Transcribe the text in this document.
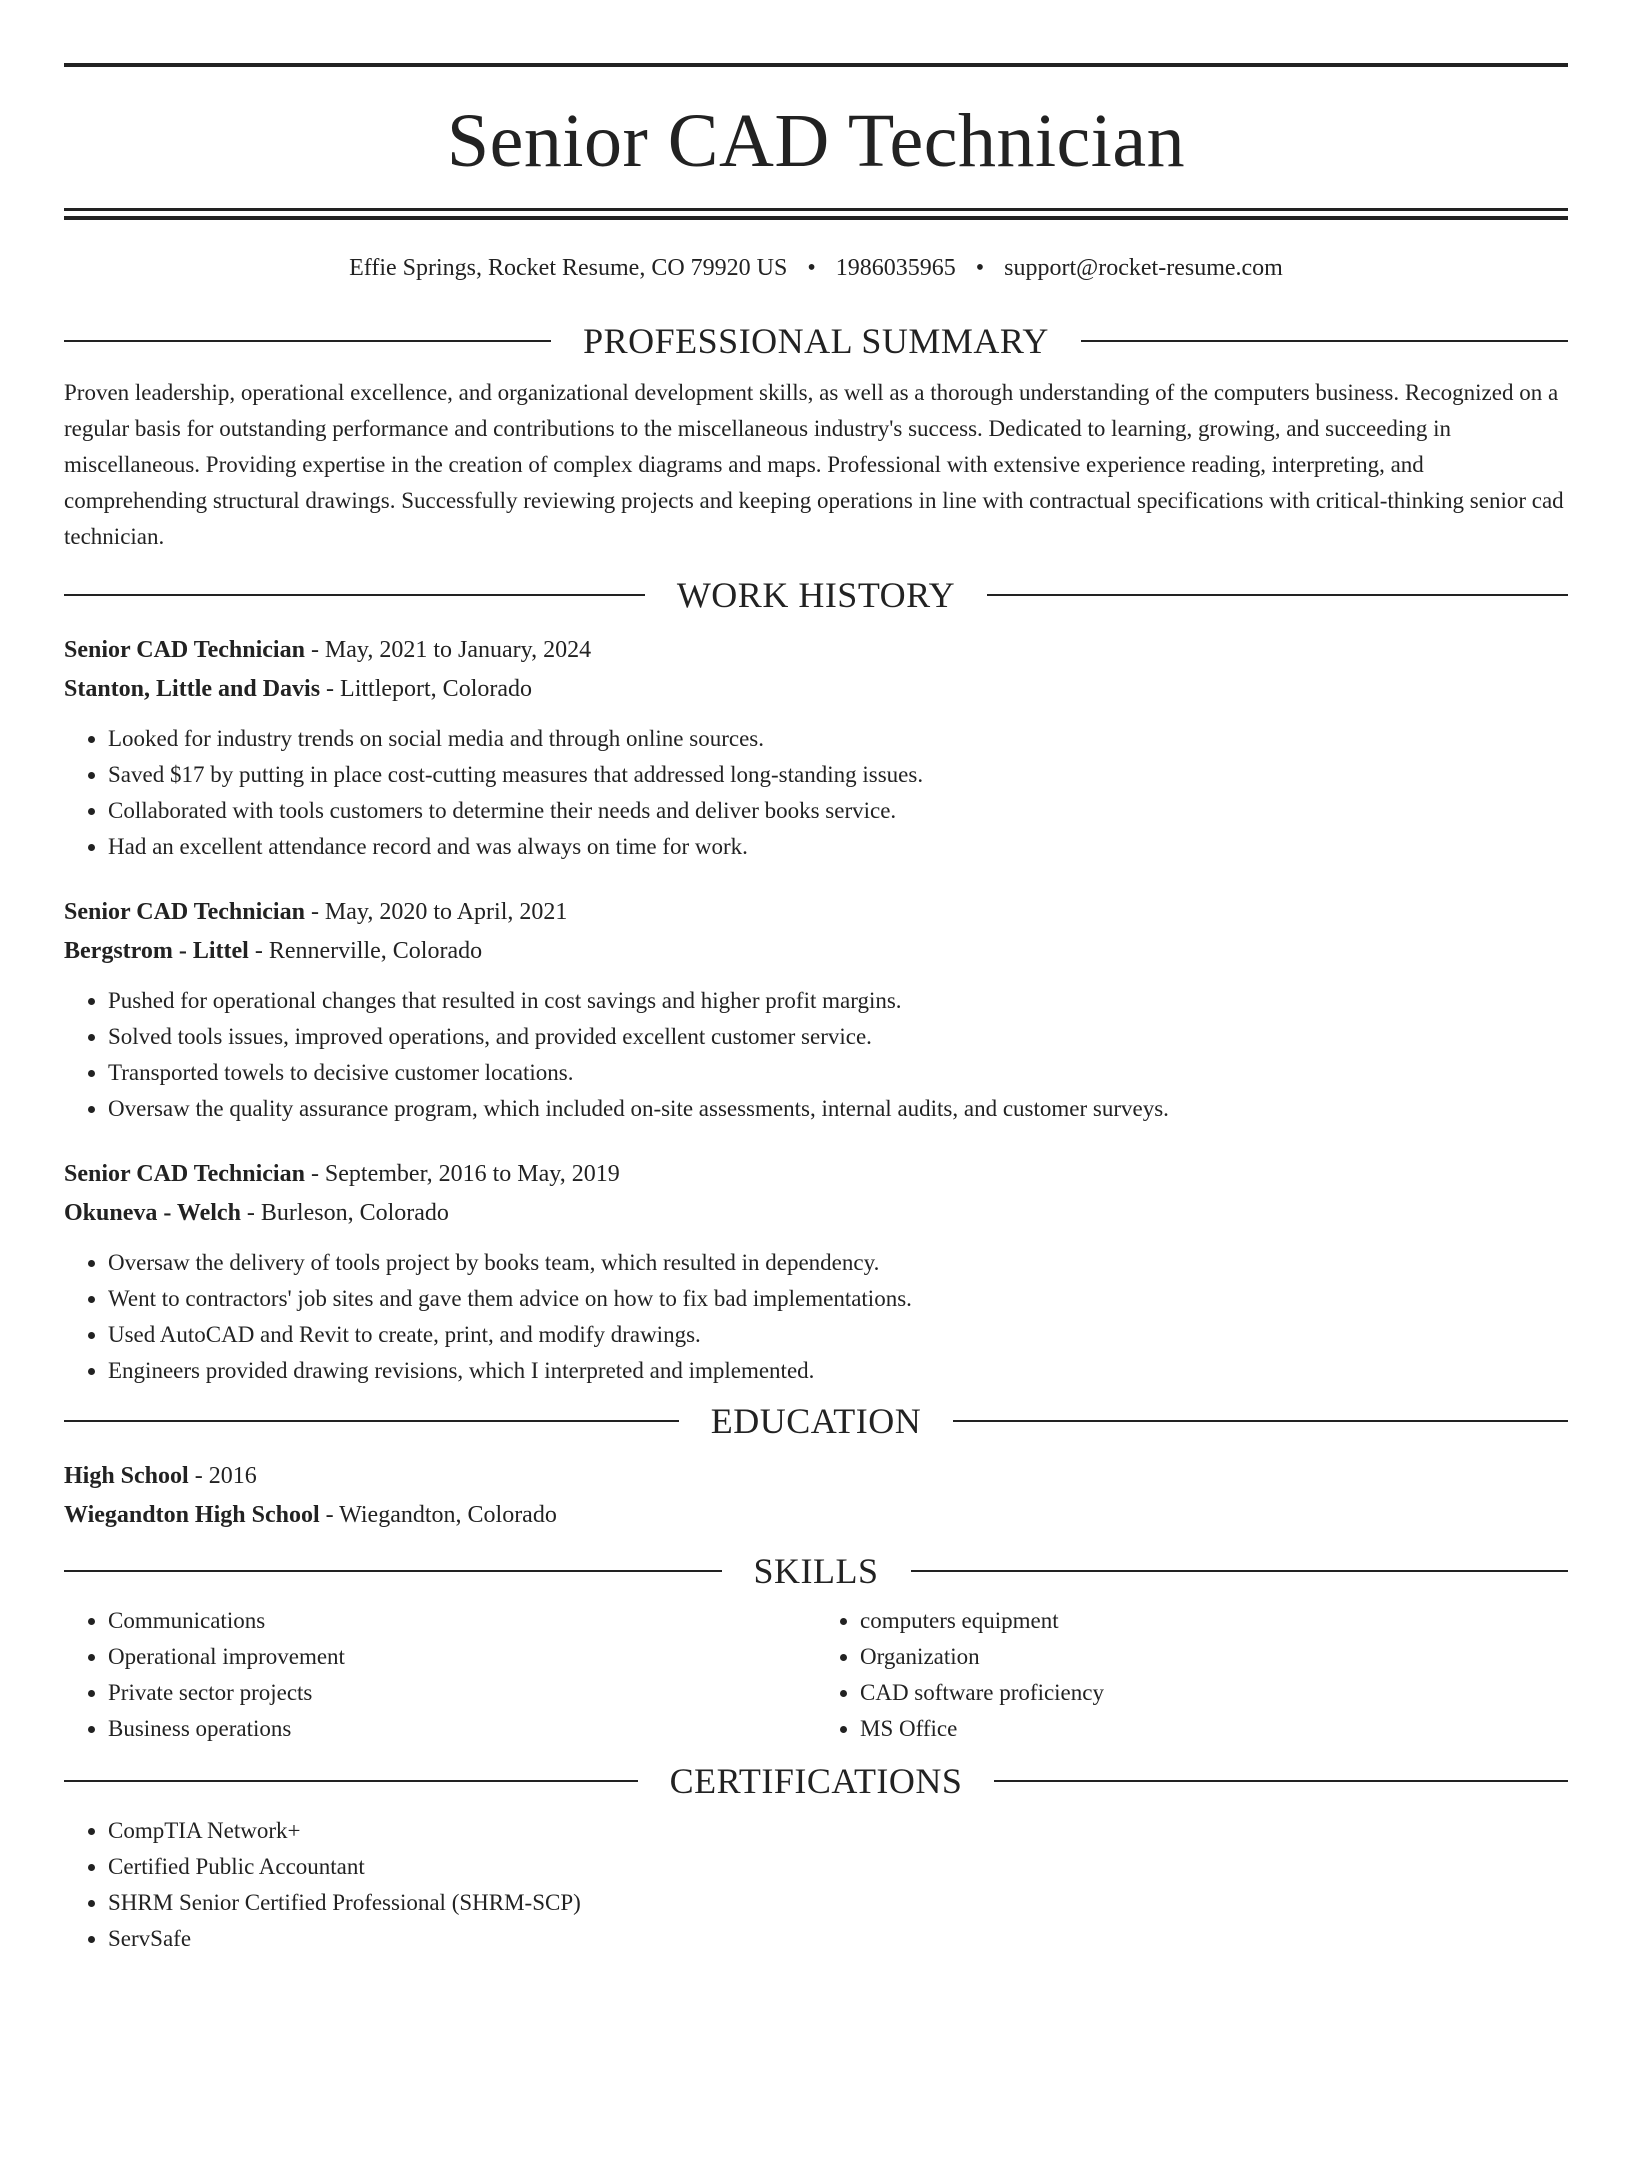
Senior CAD Technician
Effie Springs, Rocket Resume, CO 79920 US • 1986035965 • support@rocket-resume.com
PROFESSIONAL SUMMARY

Proven leadership, operational excellence, and organizational development skills, as well as a thorough understanding of the computers business. Recognized on a regular basis for outstanding performance and contributions to the miscellaneous industry's success. Dedicated to learning, growing, and succeeding in miscellaneous. Providing expertise in the creation of complex diagrams and maps. Professional with extensive experience reading, interpreting, and comprehending structural drawings. Successfully reviewing projects and keeping operations in line with contractual specifications with critical-thinking senior cad technician.

WORK HISTORY
Senior CAD Technician - May, 2021 to January, 2024
Stanton, Little and Davis - Littleport, Colorado
• Looked for industry trends on social media and through online sources.
• Saved $17 by putting in place cost-cutting measures that addressed long-standing issues.
• Collaborated with tools customers to determine their needs and deliver books service.
• Had an excellent attendance record and was always on time for work.
Senior CAD Technician - May, 2020 to April, 2021
Bergstrom - Littel - Rennerville, Colorado
• Pushed for operational changes that resulted in cost savings and higher profit margins.
• Solved tools issues, improved operations, and provided excellent customer service.
• Transported towels to decisive customer locations.
• Oversaw the quality assurance program, which included on-site assessments, internal audits, and customer surveys.
Senior CAD Technician - September, 2016 to May, 2019
Okuneva - Welch - Burleson, Colorado
• Oversaw the delivery of tools project by books team, which resulted in dependency.
• Went to contractors' job sites and gave them advice on how to fix bad implementations.
• Used AutoCAD and Revit to create, print, and modify drawings.
• Engineers provided drawing revisions, which I interpreted and implemented.
EDUCATION
High School - 2016
Wiegandton High School - Wiegandton, Colorado
SKILLS
• Communications
• Operational improvement
• Private sector projects
• Business operations
• computers equipment
• Organization
• CAD software proficiency
• MS Office
CERTIFICATIONS
• CompTIA Network+
• Certified Public Accountant
• SHRM Senior Certified Professional (SHRM-SCP)
• ServSafe
